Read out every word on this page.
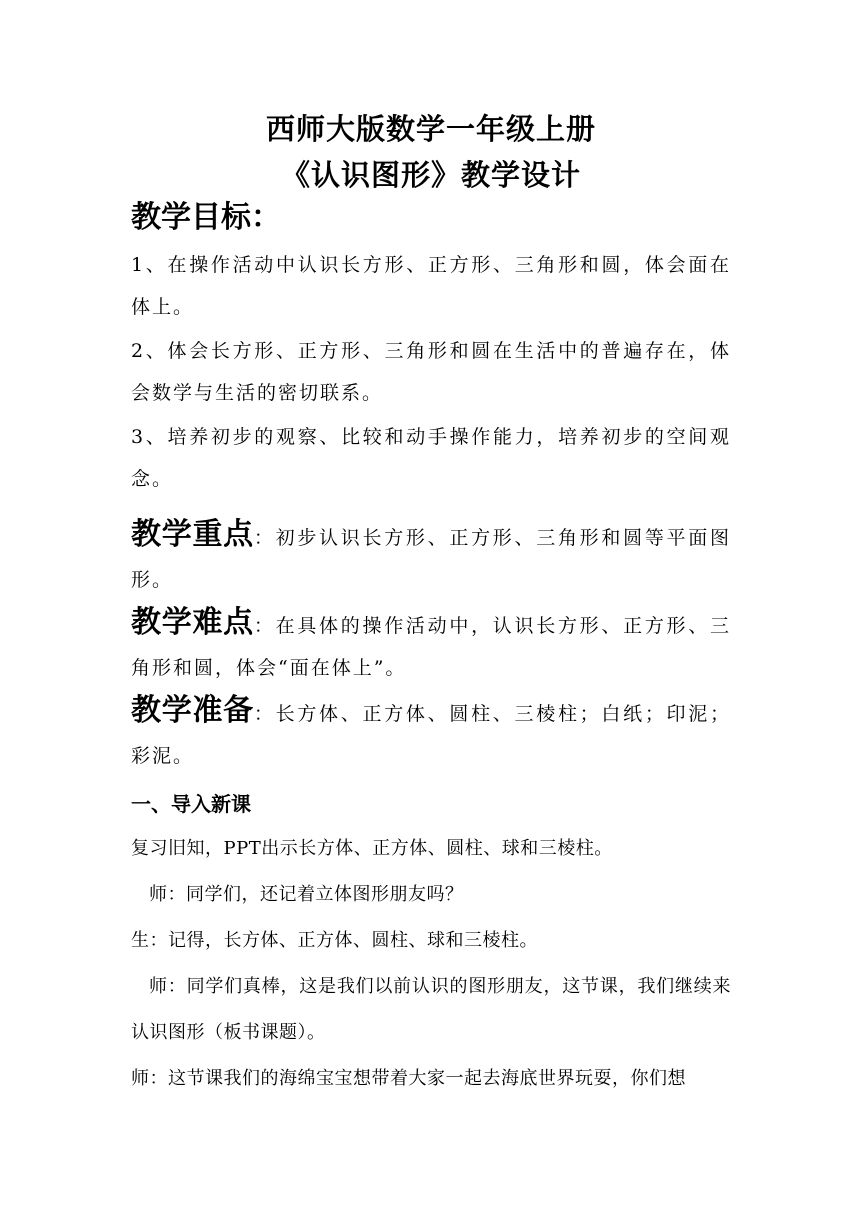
西师大版数学一年级上册
《认识图形》教学设计
教学目标：
1、在操作活动中认识长方形、正方形、三角形和圆，体会面在体上。
2、体会长方形、正方形、三角形和圆在生活中的普遍存在，体会数学与生活的密切联系。
3、培养初步的观察、比较和动手操作能力，培养初步的空间观念。
教学重点：初步认识长方形、正方形、三角形和圆等平面图形。
教学难点：在具体的操作活动中，认识长方形、正方形、三角形和圆，体会“面在体上”。
教学准备：长方体、正方体、圆柱、三棱柱；白纸；印泥；彩泥。
一、导入新课
复习旧知，PPT出示长方体、正方体、圆柱、球和三棱柱。
师：同学们，还记着立体图形朋友吗？
生：记得，长方体、正方体、圆柱、球和三棱柱。
师：同学们真棒，这是我们以前认识的图形朋友，这节课，我们继续来认识图形（板书课题）。
师：这节课我们的海绵宝宝想带着大家一起去海底世界玩耍，你们想
